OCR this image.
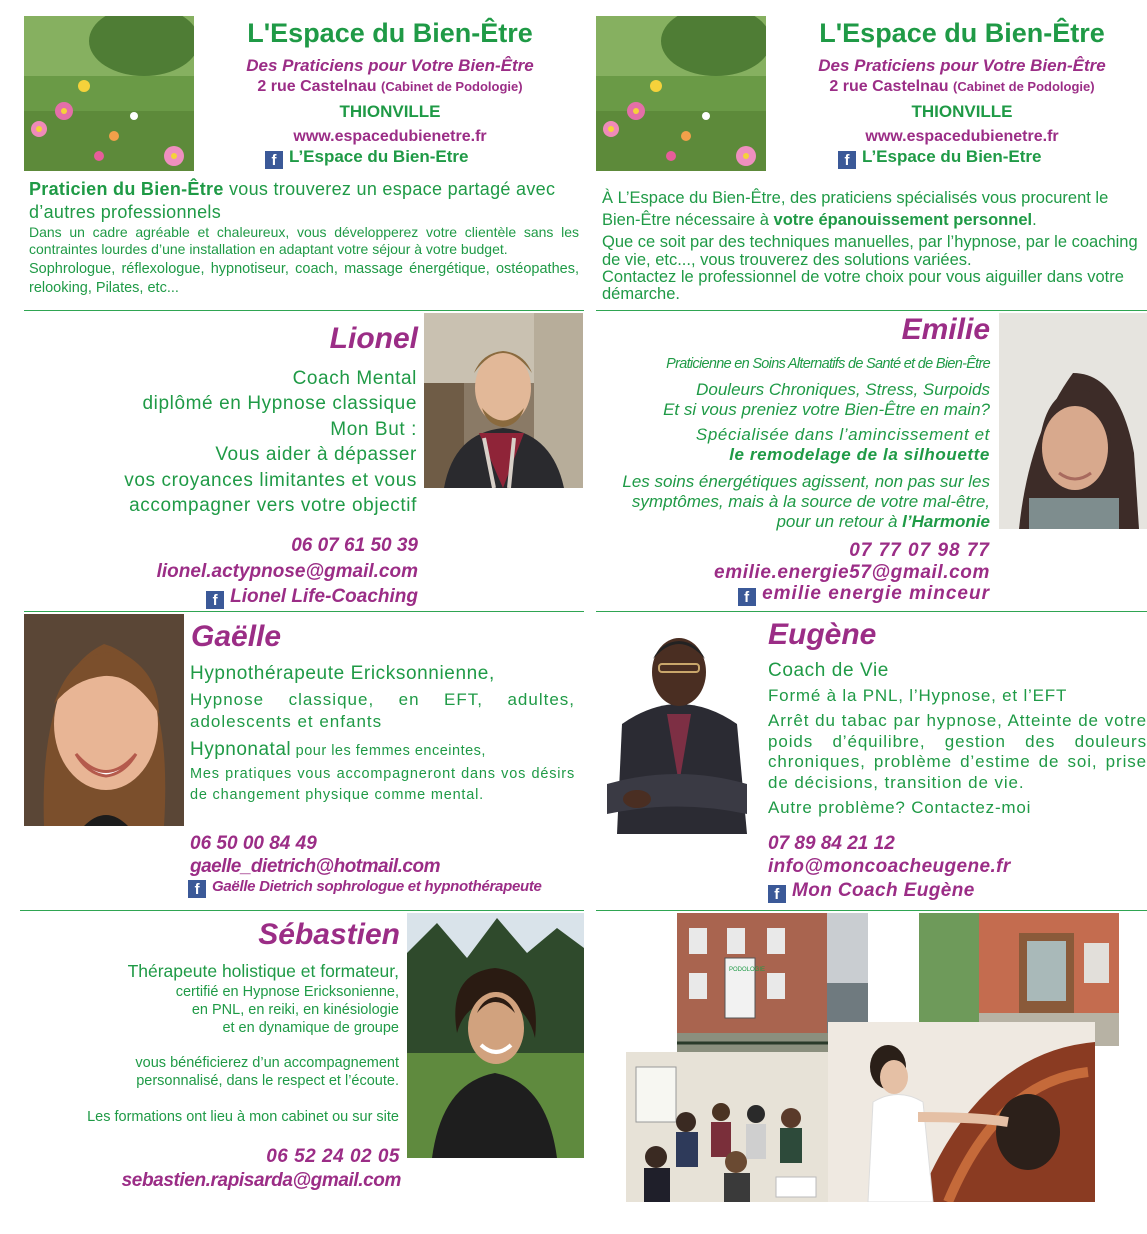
L'Espace du Bien-Être
Des Praticiens pour Votre Bien-Être
2 rue Castelnau (Cabinet de Podologie)
THIONVILLE
www.espacedubienetre.fr
f L’Espace du Bien-Etre
L'Espace du Bien-Être
Des Praticiens pour Votre Bien-Être
2 rue Castelnau (Cabinet de Podologie)
THIONVILLE
www.espacedubienetre.fr
f L’Espace du Bien-Etre
Praticien du Bien-Être vous trouverez un espace partagé avec d’autres professionnels
Dans un cadre agréable et chaleureux, vous développerez votre clientèle sans les contraintes lourdes d’une installation en adaptant votre séjour à votre budget.
Sophrologue, réflexologue, hypnotiseur, coach, massage énergétique, ostéopathes, relooking, Pilates, etc...
À L’Espace du Bien-Être, des praticiens spécialisés vous procurent le Bien-Être nécessaire à votre épanouissement personnel.
Que ce soit par des techniques manuelles, par l’hypnose, par le coaching de vie, etc..., vous trouverez des solutions variées.
Contactez le professionnel de votre choix pour vous aiguiller dans votre démarche.
Lionel
Coach Mental
diplômé en Hypnose classique
Mon But :
Vous aider à dépasser
vos croyances limitantes et vous
accompagner vers votre objectif
06 07 61 50 39
lionel.actypnose@gmail.com
f Lionel Life-Coaching
Emilie
Praticienne en Soins Alternatifs de Santé et de Bien-Être
Douleurs Chroniques, Stress, Surpoids
Et si vous preniez votre Bien-Être en main?
Spécialisée dans l’amincissement et
le remodelage de la silhouette
Les soins énergétiques agissent, non pas sur les symptômes, mais à la source de votre mal-être, pour un retour à l’Harmonie
07 77 07 98 77
emilie.energie57@gmail.com
f emilie energie minceur
Gaëlle
Hypnothérapeute Ericksonnienne,
Hypnose classique, en EFT, adultes, adolescents et enfants
Hypnonatal pour les femmes enceintes,
Mes pratiques vous accompagneront dans vos désirs de changement physique comme mental.
06 50 00 84 49
gaelle_dietrich@hotmail.com
f Gaëlle Dietrich sophrologue et hypnothérapeute
Eugène
Coach de Vie
Formé à la PNL, l’Hypnose, et l’EFT
Arrêt du tabac par hypnose, Atteinte de votre poids d’équilibre, gestion des douleurs chroniques, problème d’estime de soi, prise de décisions, transition de vie.
Autre problème? Contactez-moi
07 89 84 21 12
info@moncoacheugene.fr
f Mon Coach Eugène
Sébastien
Thérapeute holistique et formateur,
certifié en Hypnose Ericksonienne,
en PNL, en reiki, en kinésiologie
et en dynamique de groupe
vous bénéficierez d’un accompagnement
personnalisé, dans le respect et l’écoute.
Les formations ont lieu à mon cabinet ou sur site
06 52 24 02 05
sebastien.rapisarda@gmail.com
PODOLOGIE
